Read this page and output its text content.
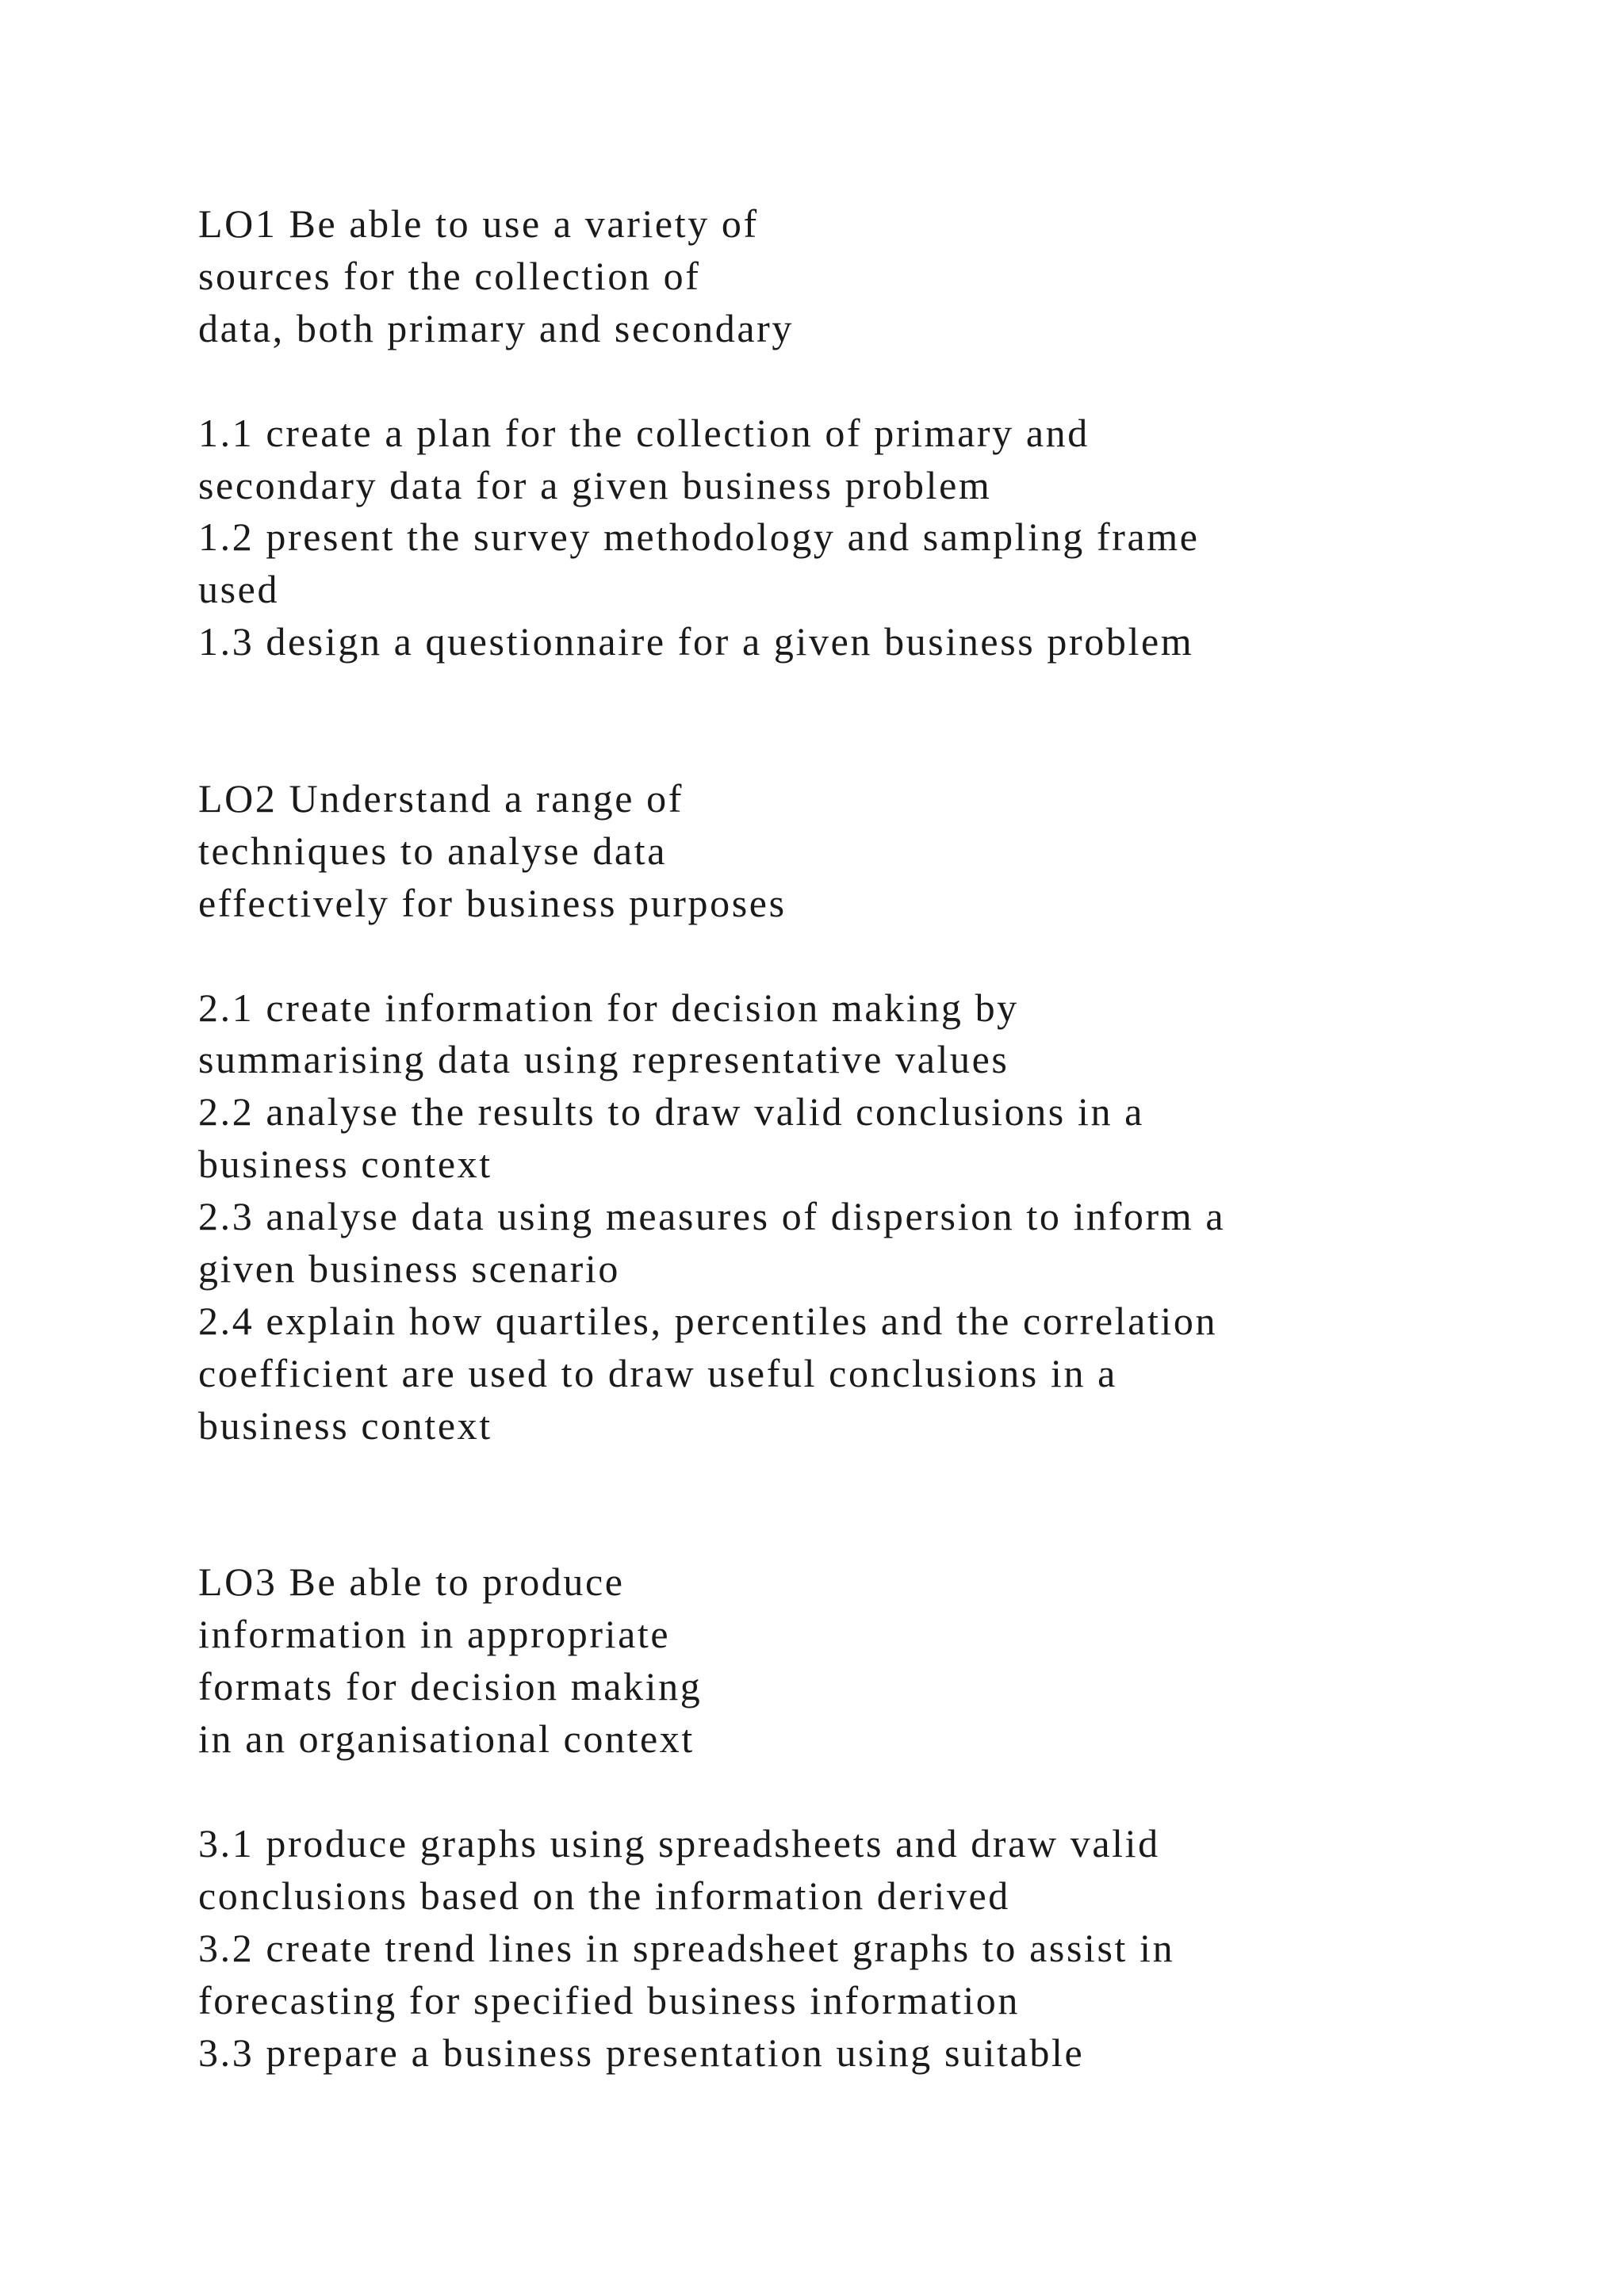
LO1 Be able to use a variety of
sources for the collection of
data, both primary and secondary
1.1 create a plan for the collection of primary and
secondary data for a given business problem
1.2 present the survey methodology and sampling frame
used
1.3 design a questionnaire for a given business problem
LO2 Understand a range of
techniques to analyse data
effectively for business purposes
2.1 create information for decision making by
summarising data using representative values
2.2 analyse the results to draw valid conclusions in a
business context
2.3 analyse data using measures of dispersion to inform a
given business scenario
2.4 explain how quartiles, percentiles and the correlation
coefficient are used to draw useful conclusions in a
business context
LO3 Be able to produce
information in appropriate
formats for decision making
in an organisational context
3.1 produce graphs using spreadsheets and draw valid
conclusions based on the information derived
3.2 create trend lines in spreadsheet graphs to assist in
forecasting for specified business information
3.3 prepare a business presentation using suitable
